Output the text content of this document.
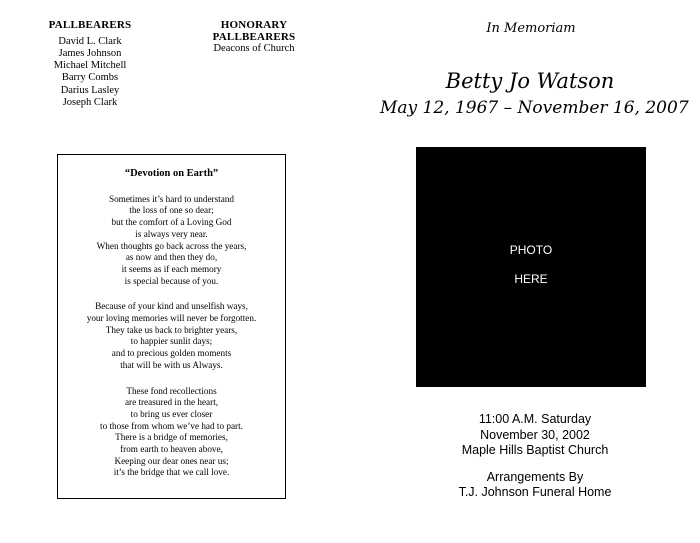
PALLBEARERS
David L. Clark
James Johnson
Michael Mitchell
Barry Combs
Darius Lasley
Joseph Clark
HONORARY
PALLBEARERS
Deacons of Church
“Devotion on Earth”
Sometimes it’s hard to understand
the loss of one so dear;
but the comfort of a Loving God
is always very near.
When thoughts go back across the years,
as now and then they do,
it seems as if each memory
is special because of you.
Because of your kind and unselfish ways,
your loving memories will never be forgotten.
They take us back to brighter years,
to happier sunlit days;
and to precious golden moments
that will be with us Always.
These fond recollections
are treasured in the heart,
to bring us ever closer
to those from whom we’ve had to part.
There is a bridge of memories,
from earth to heaven above,
Keeping our dear ones near us;
it’s the bridge that we call love.
In Memoriam
Betty Jo Watson
May 12, 1967 – November 16, 2007
PHOTO
HERE
11:00 A.M. Saturday
November 30, 2002
Maple Hills Baptist Church
Arrangements By
T.J. Johnson Funeral Home
